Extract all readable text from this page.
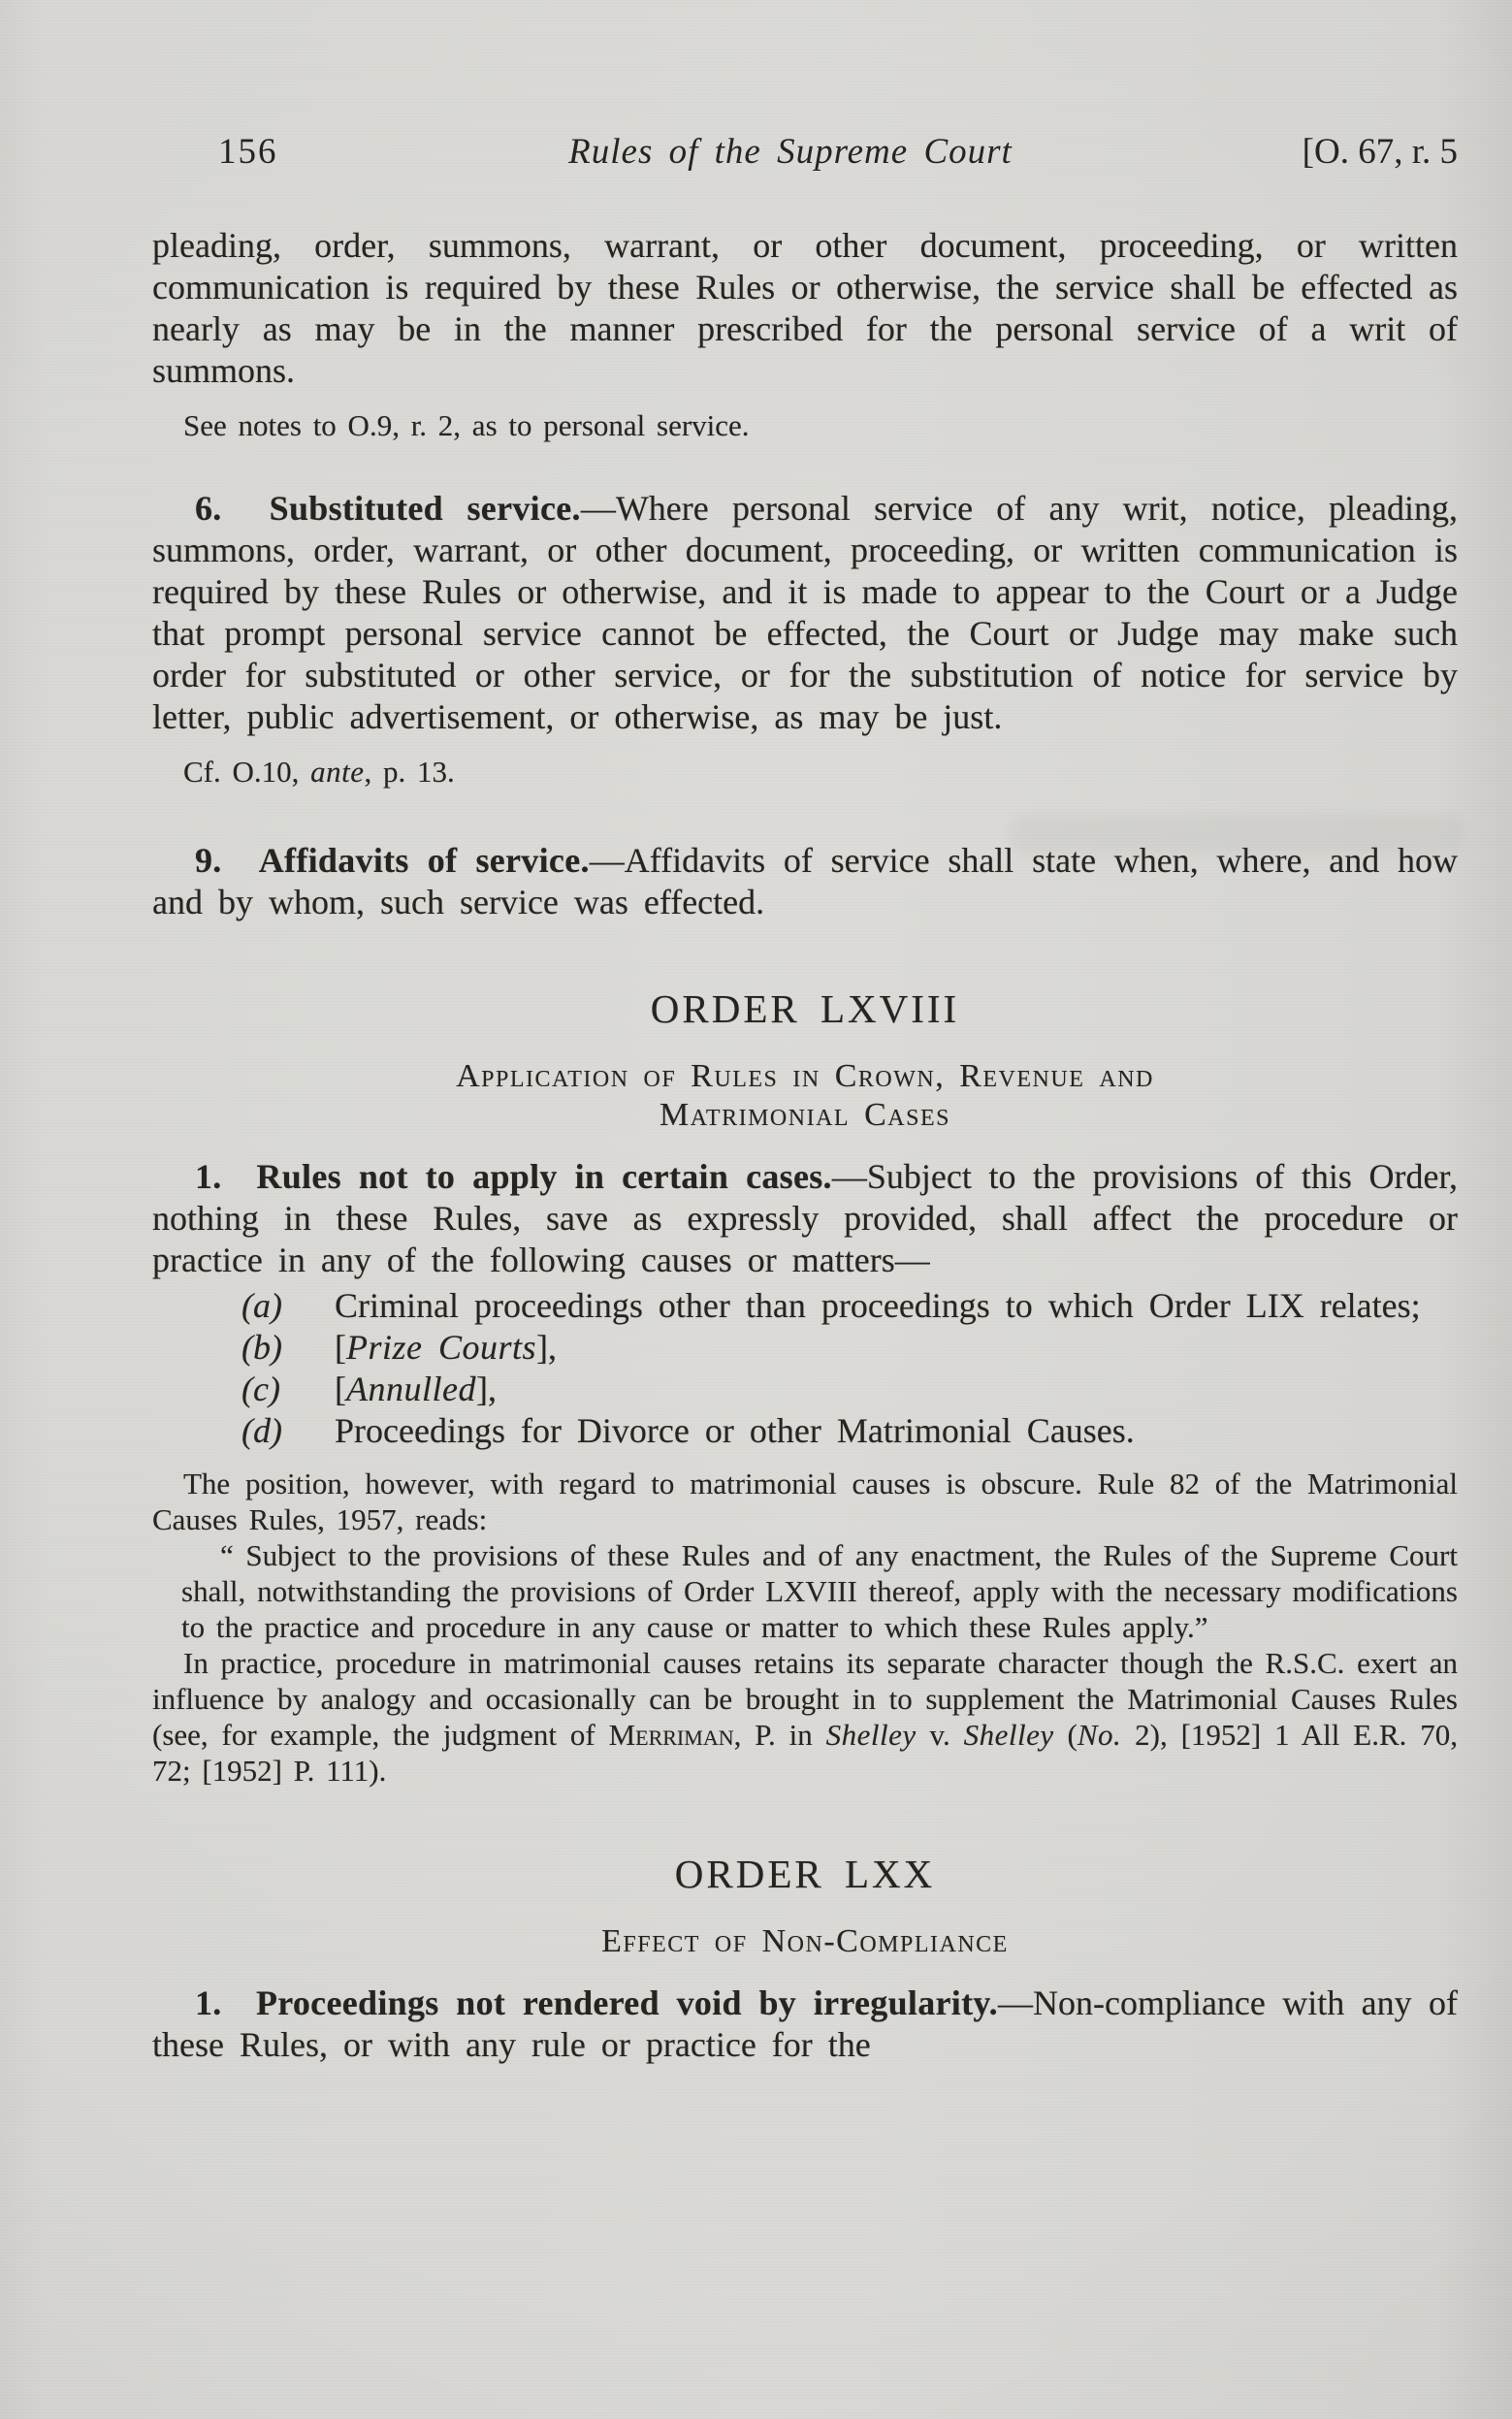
156	Rules of the Supreme Court	[O. 67, r. 5

pleading, order, summons, warrant, or other document, proceeding, or written communication is required by these Rules or otherwise, the service shall be effected as nearly as may be in the manner prescribed for the personal service of a writ of summons.

See notes to O.9, r. 2, as to personal service.

6.  Substituted service.—Where personal service of any writ, notice, pleading, summons, order, warrant, or other document, proceeding, or written communication is required by these Rules or otherwise, and it is made to appear to the Court or a Judge that prompt personal service cannot be effected, the Court or Judge may make such order for substituted or other service, or for the substitution of notice for service by letter, public advertisement, or otherwise, as may be just.

Cf. O.10, ante, p. 13.

9.  Affidavits of service.—Affidavits of service shall state when, where, and how and by whom, such service was effected.

ORDER LXVIII
Application of Rules in Crown, Revenue and
Matrimonial Cases

1.  Rules not to apply in certain cases.—Subject to the provisions of this Order, nothing in these Rules, save as expressly provided, shall affect the procedure or practice in any of the following causes or matters—

(a) Criminal proceedings other than proceedings to which Order LIX relates;
(b) [Prize Courts],
(c) [Annulled],
(d) Proceedings for Divorce or other Matrimonial Causes.

The position, however, with regard to matrimonial causes is obscure. Rule 82 of the Matrimonial Causes Rules, 1957, reads:

“ Subject to the provisions of these Rules and of any enactment, the Rules of the Supreme Court shall, notwithstanding the provisions of Order LXVIII thereof, apply with the necessary modifications to the practice and procedure in any cause or matter to which these Rules apply.”

In practice, procedure in matrimonial causes retains its separate character though the R.S.C. exert an influence by analogy and occasionally can be brought in to supplement the Matrimonial Causes Rules (see, for example, the judgment of Merriman, P. in Shelley v. Shelley (No. 2), [1952] 1 All E.R. 70, 72; [1952] P. 111).

ORDER LXX
Effect of Non-Compliance

1.  Proceedings not rendered void by irregularity.—Non-compliance with any of these Rules, or with any rule or practice for the
